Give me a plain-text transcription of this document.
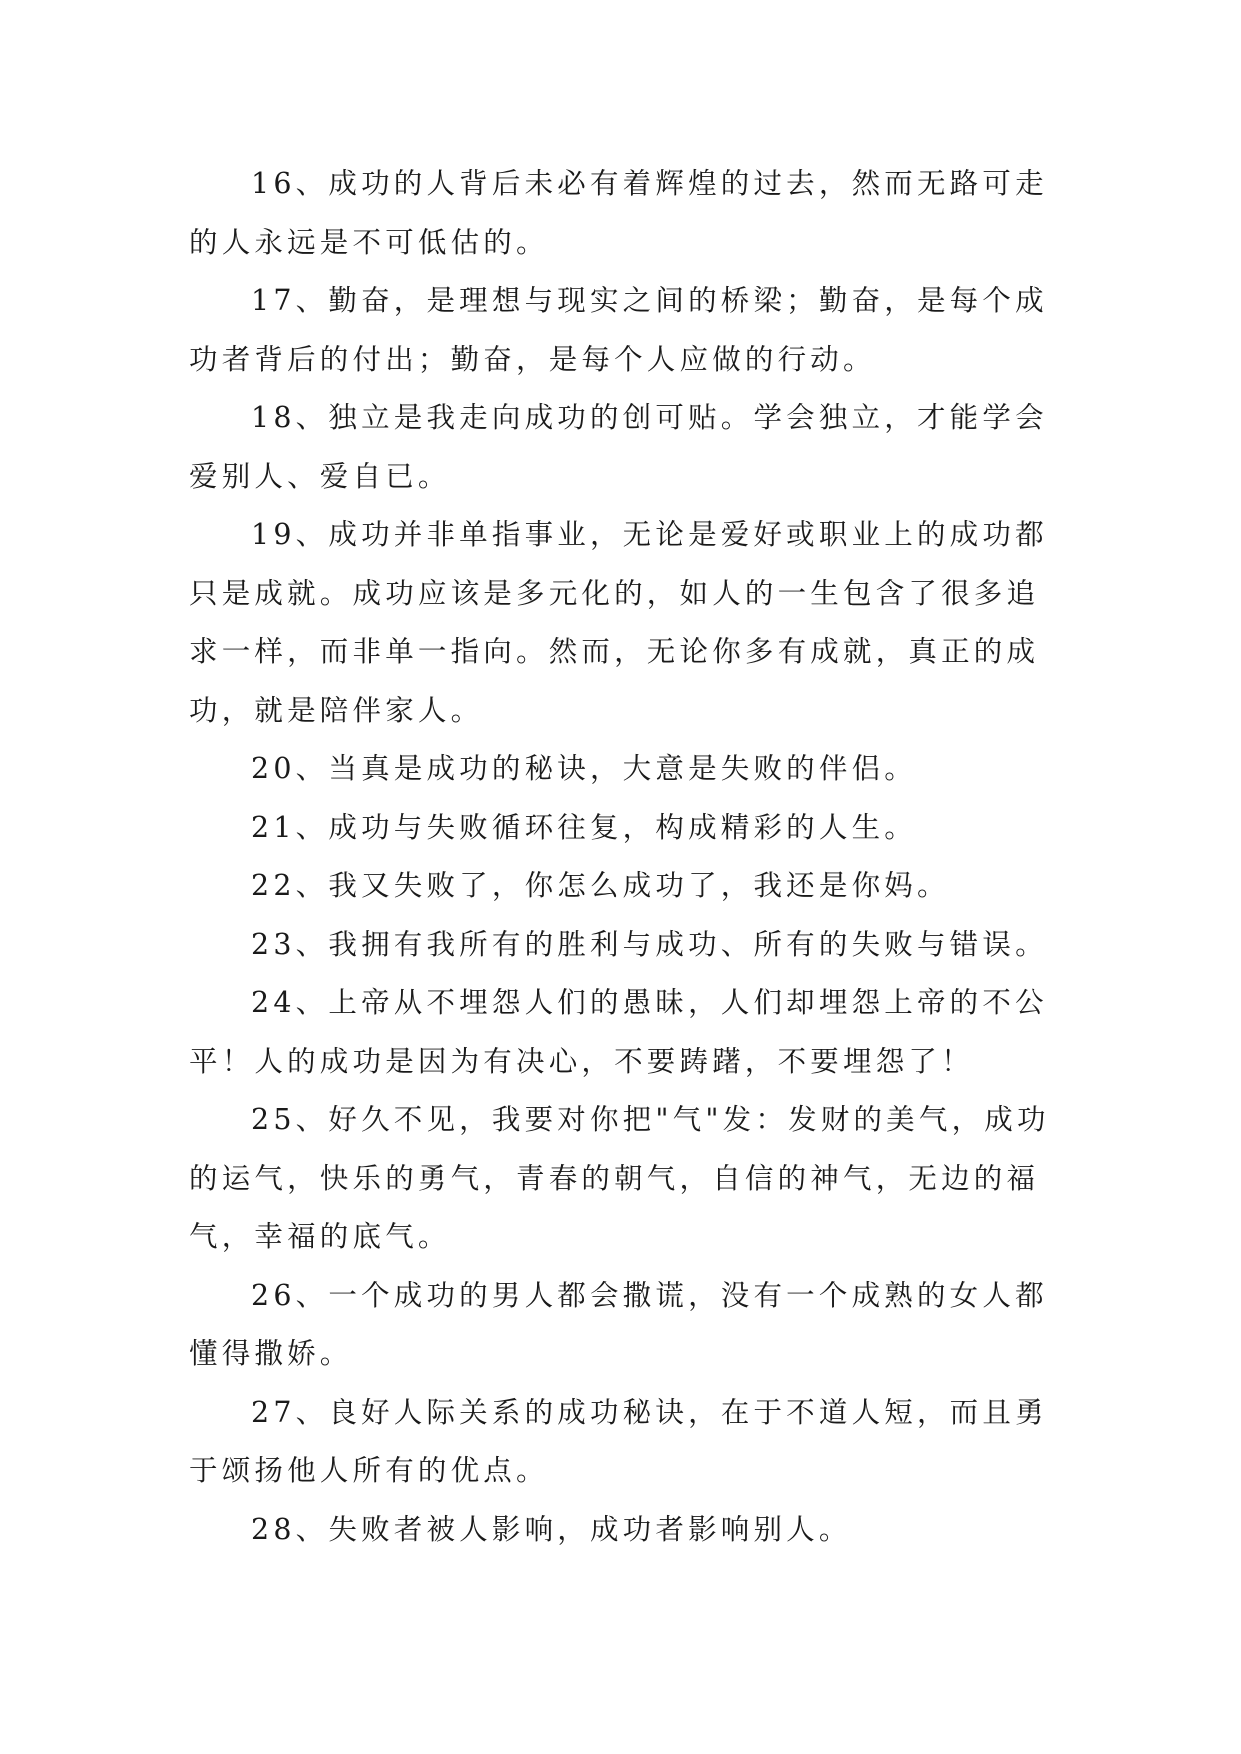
16、成功的人背后未必有着辉煌的过去，然而无路可走的人永远是不可低估的。

17、勤奋，是理想与现实之间的桥梁；勤奋，是每个成功者背后的付出；勤奋，是每个人应做的行动。

18、独立是我走向成功的创可贴。学会独立，才能学会爱别人、爱自已。

19、成功并非单指事业，无论是爱好或职业上的成功都只是成就。成功应该是多元化的，如人的一生包含了很多追求一样，而非单一指向。然而，无论你多有成就，真正的成功，就是陪伴家人。

20、当真是成功的秘诀，大意是失败的伴侣。

21、成功与失败循环往复，构成精彩的人生。

22、我又失败了，你怎么成功了，我还是你妈。

23、我拥有我所有的胜利与成功、所有的失败与错误。

24、上帝从不埋怨人们的愚昧，人们却埋怨上帝的不公平！人的成功是因为有决心，不要踌躇，不要埋怨了！

25、好久不见，我要对你把"气"发：发财的美气，成功的运气，快乐的勇气，青春的朝气，自信的神气，无边的福气，幸福的底气。

26、一个成功的男人都会撒谎，没有一个成熟的女人都懂得撒娇。

27、良好人际关系的成功秘诀，在于不道人短，而且勇于颂扬他人所有的优点。

28、失败者被人影响，成功者影响别人。
